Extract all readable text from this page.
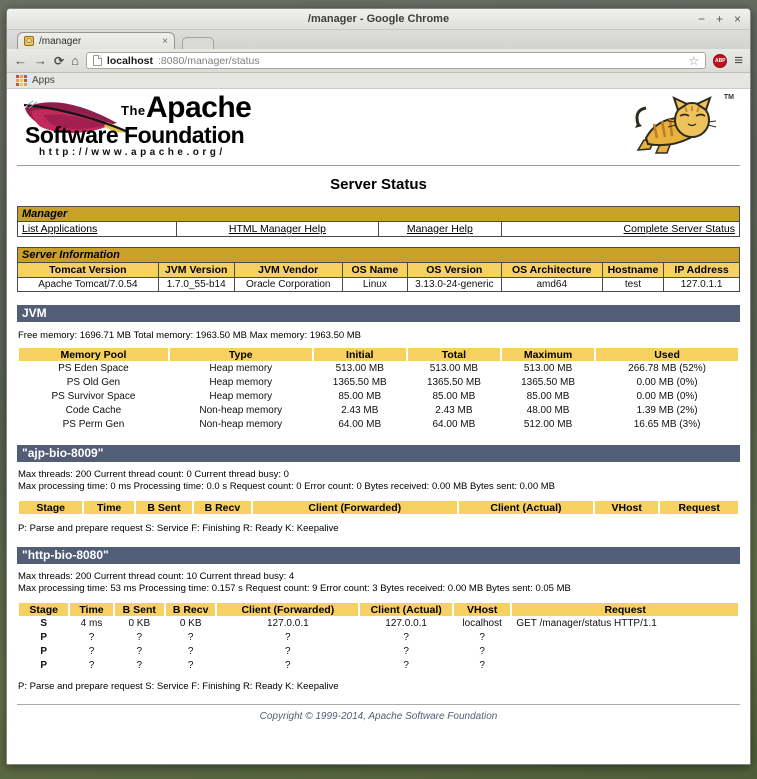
/manager - Google Chrome	− + ×
/manager	×
← → ⟳ ⌂	localhost :8080/manager/status	☆	ABP ≡
Apps
The Apache
Software Foundation
http://www.apache.org/
TM
Server Status
Manager
List Applications	HTML Manager Help	Manager Help	Complete Server Status
Server Information							
Tomcat Version	JVM Version	JVM Vendor	OS Name	OS Version	OS Architecture	Hostname	IP Address
Apache Tomcat/7.0.54	1.7.0_55-b14	Oracle Corporation	Linux	3.13.0-24-generic	amd64	test	127.0.1.1
JVM
Free memory: 1696.71 MB Total memory: 1963.50 MB Max memory: 1963.50 MB
Memory Pool	Type	Initial	Total	Maximum	Used
PS Eden Space	Heap memory	513.00 MB	513.00 MB	513.00 MB	266.78 MB (52%)
PS Old Gen	Heap memory	1365.50 MB	1365.50 MB	1365.50 MB	0.00 MB (0%)
PS Survivor Space	Heap memory	85.00 MB	85.00 MB	85.00 MB	0.00 MB (0%)
Code Cache	Non-heap memory	2.43 MB	2.43 MB	48.00 MB	1.39 MB (2%)
PS Perm Gen	Non-heap memory	64.00 MB	64.00 MB	512.00 MB	16.65 MB (3%)
"ajp-bio-8009"
Max threads: 200 Current thread count: 0 Current thread busy: 0
Max processing time: 0 ms Processing time: 0.0 s Request count: 0 Error count: 0 Bytes received: 0.00 MB Bytes sent: 0.00 MB
Stage	Time	B Sent	B Recv	Client (Forwarded)	Client (Actual)	VHost	Request
P: Parse and prepare request S: Service F: Finishing R: Ready K: Keepalive
"http-bio-8080"
Max threads: 200 Current thread count: 10 Current thread busy: 4
Max processing time: 53 ms Processing time: 0.157 s Request count: 9 Error count: 3 Bytes received: 0.00 MB Bytes sent: 0.05 MB
Stage	Time	B Sent	B Recv	Client (Forwarded)	Client (Actual)	VHost	Request
S	4 ms	0 KB	0 KB	127.0.0.1	127.0.0.1	localhost	GET /manager/status HTTP/1.1
P	?	?	?	?	?	?	
P	?	?	?	?	?	?	
P	?	?	?	?	?	?	
P: Parse and prepare request S: Service F: Finishing R: Ready K: Keepalive
Copyright © 1999-2014, Apache Software Foundation
